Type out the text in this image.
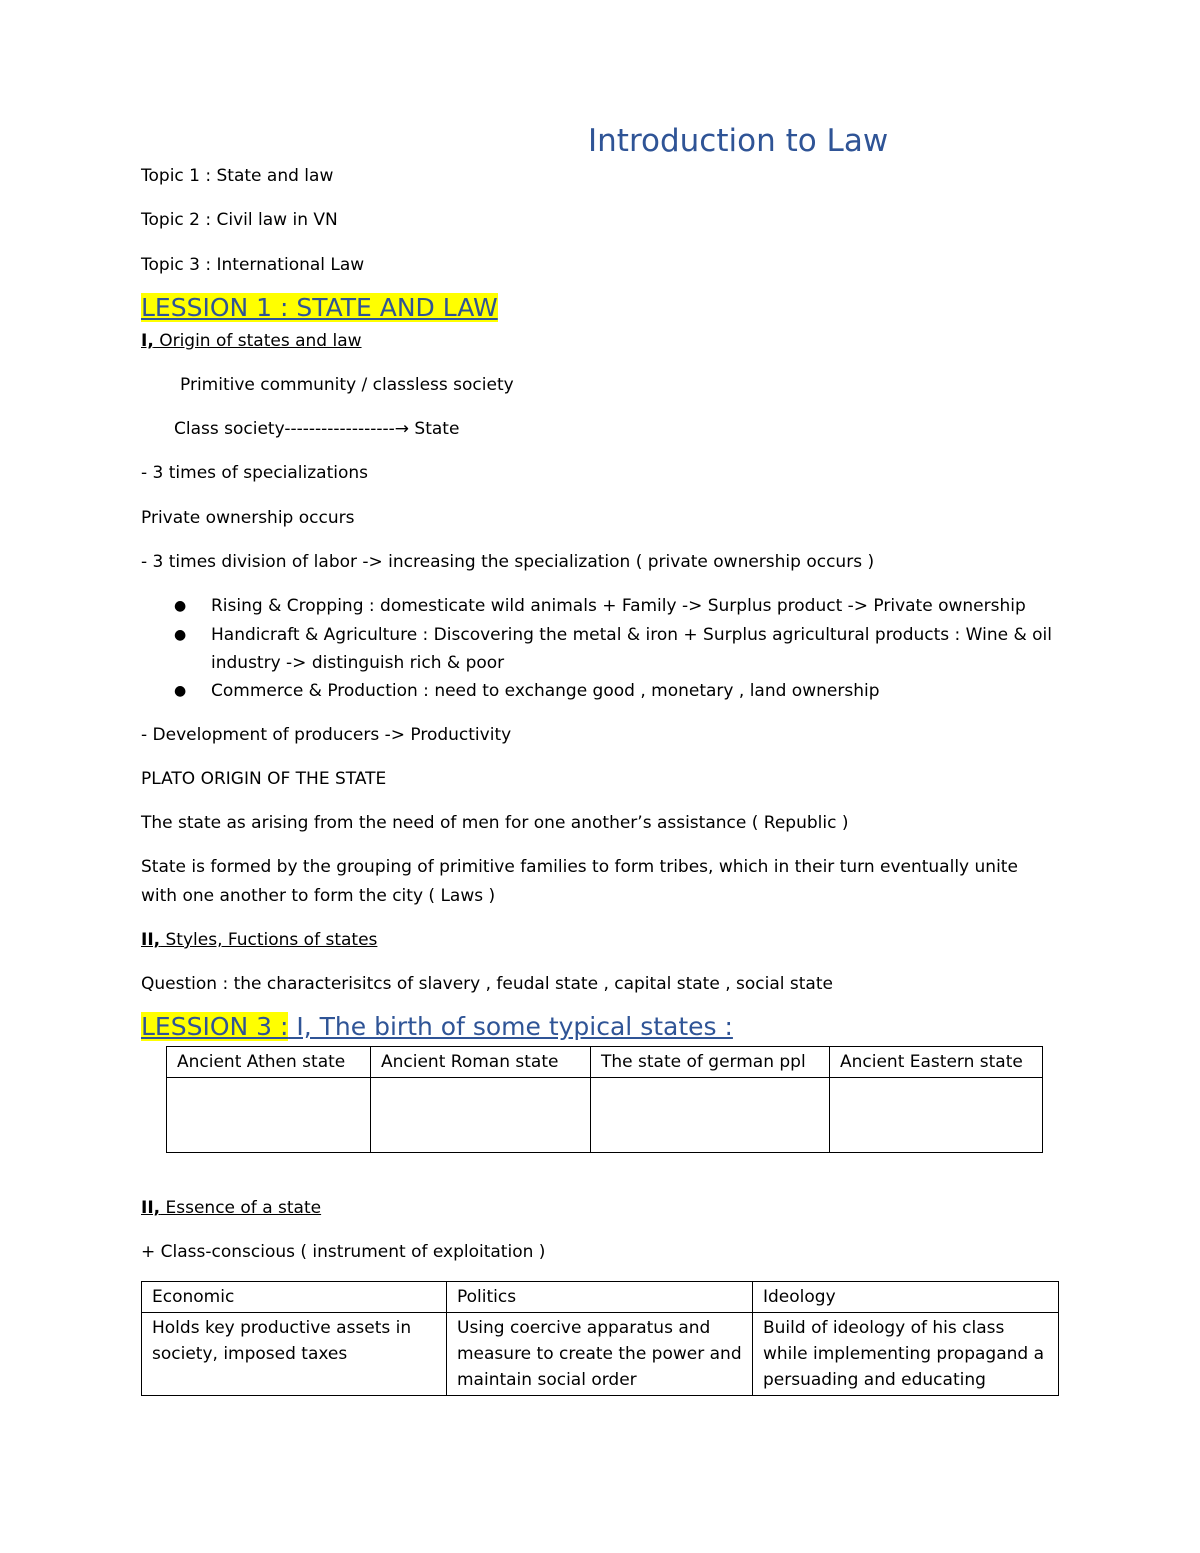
Introduction to Law
Topic 1 : State and law
Topic 2 : Civil law in VN
Topic 3 : International Law
LESSION 1 : STATE AND LAW
I, Origin of states and law
Primitive community / classless society
Class society------------------→ State
- 3 times of specializations
Private ownership occurs
- 3 times division of labor -> increasing the specialization ( private ownership occurs )
● Rising & Cropping : domesticate wild animals + Family -> Surplus product -> Private ownership
● Handicraft & Agriculture : Discovering the metal & iron + Surplus agricultural products : Wine & oil industry -> distinguish rich & poor
● Commerce & Production : need to exchange good , monetary , land ownership
- Development of producers -> Productivity
PLATO ORIGIN OF THE STATE
The state as arising from the need of men for one another’s assistance ( Republic )
State is formed by the grouping of primitive families to form tribes, which in their turn eventually unite
with one another to form the city ( Laws )
II, Styles, Fuctions of states
Question : the characterisitcs of slavery , feudal state , capital state , social state
LESSION 3 : I, The birth of some typical states :
Ancient Athen state	Ancient Roman state	The state of german ppl	Ancient Eastern state

II, Essence of a state
+ Class-conscious ( instrument of exploitation )
Economic	Politics	Ideology
Holds key productive assets in society, imposed taxes	Using coercive apparatus and measure to create the power and maintain social order	Build of ideology of his class while implementing propagand a persuading and educating
